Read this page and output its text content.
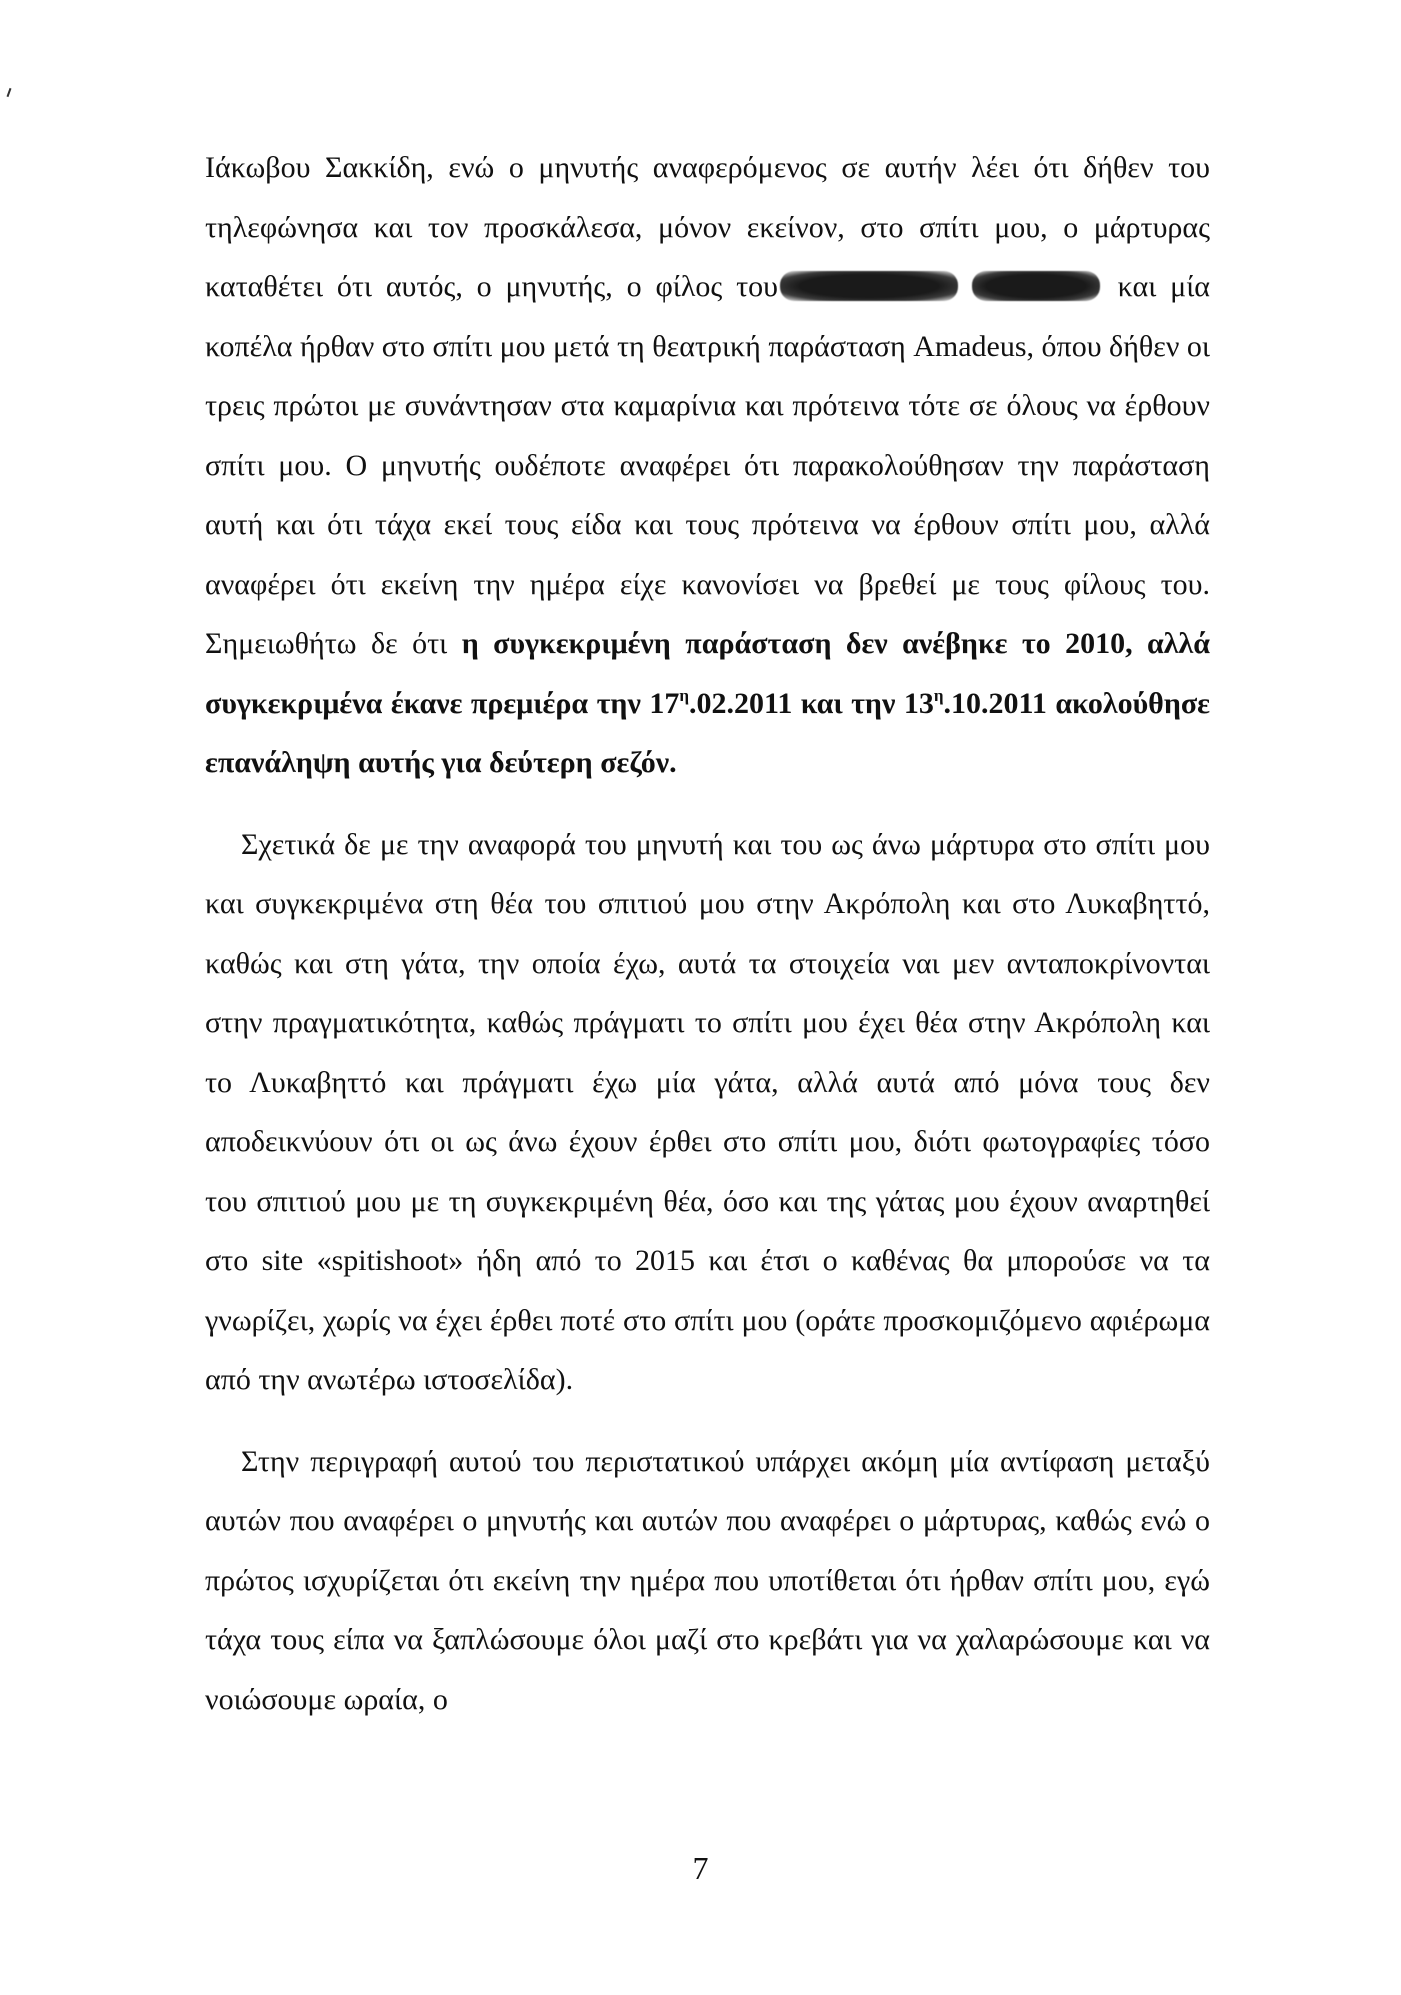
Ιάκωβου Σακκίδη, ενώ ο μηνυτής αναφερόμενος σε αυτήν λέει ότι δήθεν του τηλεφώνησα και τον προσκάλεσα, μόνον εκείνον, στο σπίτι μου, ο μάρτυρας καταθέτει ότι αυτός, ο μηνυτής, ο φίλος του	και μία κοπέλα ήρθαν στο σπίτι μου μετά τη θεατρική παράσταση Amadeus, όπου δήθεν οι τρεις πρώτοι με συνάντησαν στα καμαρίνια και πρότεινα τότε σε όλους να έρθουν σπίτι μου. Ο μηνυτής ουδέποτε αναφέρει ότι παρακολούθησαν την παράσταση αυτή και ότι τάχα εκεί τους είδα και τους πρότεινα να έρθουν σπίτι μου, αλλά αναφέρει ότι εκείνη την ημέρα είχε κανονίσει να βρεθεί με τους φίλους του. Σημειωθήτω δε ότι η συγκεκριμένη παράσταση δεν ανέβηκε το 2010, αλλά συγκεκριμένα έκανε πρεμιέρα την $17^\eta.02.2011$ και την $13^\eta.10.2011$ ακολούθησε επανάληψη αυτής για δεύτερη σεζόν.

Σχετικά δε με την αναφορά του μηνυτή και του ως άνω μάρτυρα στο σπίτι μου και συγκεκριμένα στη θέα του σπιτιού μου στην Ακρόπολη και στο Λυκαβηττό, καθώς και στη γάτα, την οποία έχω, αυτά τα στοιχεία ναι μεν ανταποκρίνονται στην πραγματικότητα, καθώς πράγματι το σπίτι μου έχει θέα στην Ακρόπολη και το Λυκαβηττό και πράγματι έχω μία γάτα, αλλά αυτά από μόνα τους δεν αποδεικνύουν ότι οι ως άνω έχουν έρθει στο σπίτι μου, διότι φωτογραφίες τόσο του σπιτιού μου με τη συγκεκριμένη θέα, όσο και της γάτας μου έχουν αναρτηθεί στο site «spitishoot» ήδη από το 2015 και έτσι ο καθένας θα μπορούσε να τα γνωρίζει, χωρίς να έχει έρθει ποτέ στο σπίτι μου (οράτε προσκομιζόμενο αφιέρωμα από την ανωτέρω ιστοσελίδα).

Στην περιγραφή αυτού του περιστατικού υπάρχει ακόμη μία αντίφαση μεταξύ αυτών που αναφέρει ο μηνυτής και αυτών που αναφέρει ο μάρτυρας, καθώς ενώ ο πρώτος ισχυρίζεται ότι εκείνη την ημέρα που υποτίθεται ότι ήρθαν σπίτι μου, εγώ τάχα τους είπα να ξαπλώσουμε όλοι μαζί στο κρεβάτι για να χαλαρώσουμε και να νοιώσουμε ωραία, ο

7
